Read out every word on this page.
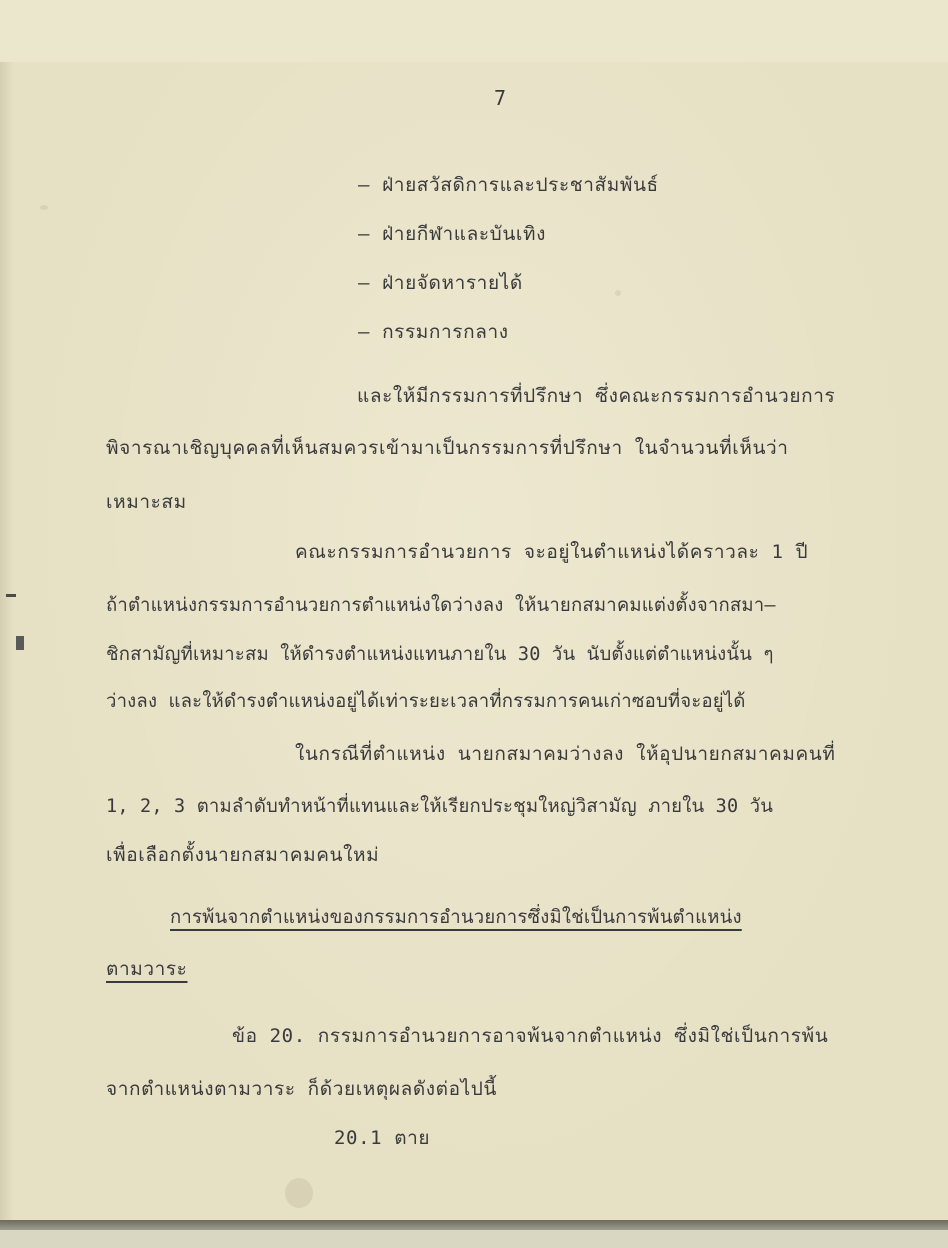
7
– ฝ่ายสวัสดิการและประชาสัมพันธ์
– ฝ่ายกีฬาและบันเทิง
– ฝ่ายจัดหารายได้
– กรรมการกลาง
และให้มีกรรมการที่ปรึกษา ซึ่งคณะกรรมการอำนวยการ
พิจารณาเชิญบุคคลที่เห็นสมควรเข้ามาเป็นกรรมการที่ปรึกษา ในจำนวนที่เห็นว่า
เหมาะสม
คณะกรรมการอำนวยการ จะอยู่ในตำแหน่งได้คราวละ 1 ปี
ถ้าตำแหน่งกรรมการอำนวยการตำแหน่งใดว่างลง ให้นายกสมาคมแต่งตั้งจากสมา–
ชิกสามัญที่เหมาะสม ให้ดำรงตำแหน่งแทนภายใน 30 วัน นับตั้งแต่ตำแหน่งนั้น ๆ
ว่างลง และให้ดำรงตำแหน่งอยู่ได้เท่าระยะเวลาที่กรรมการคนเก่าซอบที่จะอยู่ได้
ในกรณีที่ตำแหน่ง นายกสมาคมว่างลง ให้อุปนายกสมาคมคนที่
1, 2, 3 ตามลำดับทำหน้าที่แทนและให้เรียกประชุมใหญ่วิสามัญ ภายใน 30 วัน
เพื่อเลือกตั้งนายกสมาคมคนใหม่
การพ้นจากตำแหน่งของกรรมการอำนวยการซึ่งมิใช่เป็นการพ้นตำแหน่ง
ตามวาระ
ข้อ 20. กรรมการอำนวยการอาจพ้นจากตำแหน่ง ซึ่งมิใช่เป็นการพ้น
จากตำแหน่งตามวาระ ก็ด้วยเหตุผลดังต่อไปนี้
20.1 ตาย
